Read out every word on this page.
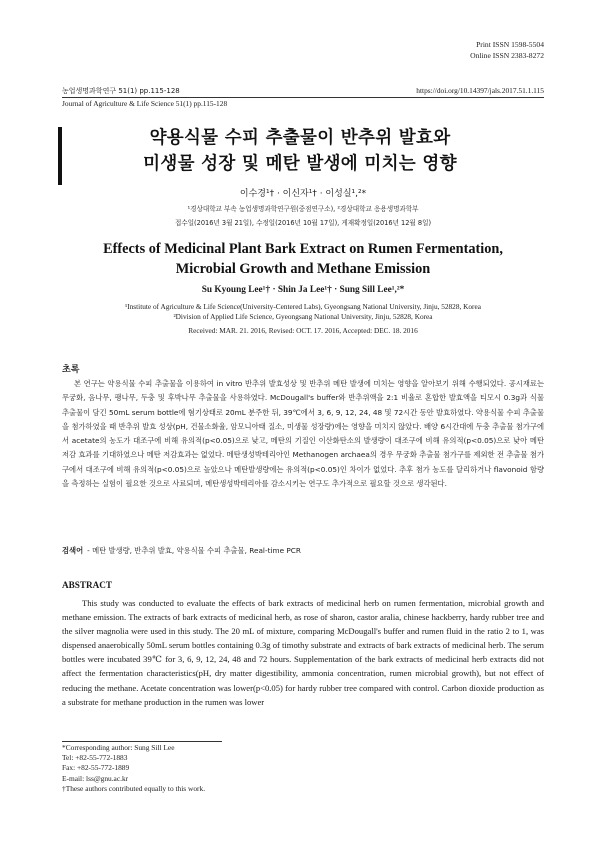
Print ISSN 1598-5504
Online ISSN 2383-8272
농업생명과학연구 51(1) pp.115-128	https://doi.org/10.14397/jals.2017.51.1.115
Journal of Agriculture & Life Science 51(1) pp.115-128
약용식물 수피 추출물이 반추위 발효와
미생물 성장 및 메탄 발생에 미치는 영향
이수경¹† · 이신자¹† · 이성실¹,²*
¹경상대학교 부속 농업생명과학연구원(중점연구소), ²경상대학교 응용생명과학부
접수일(2016년 3월 21일), 수정일(2016년 10월 17일), 게재확정일(2016년 12월 8일)
Effects of Medicinal Plant Bark Extract on Rumen Fermentation,
Microbial Growth and Methane Emission
Su Kyoung Lee¹† · Shin Ja Lee¹† · Sung Sill Lee¹,²*
¹Institute of Agriculture & Life Science(University-Centered Labs), Gyeongsang National University, Jinju, 52828, Korea
²Division of Applied Life Science, Gyeongsang National University, Jinju, 52828, Korea
Received: MAR. 21. 2016, Revised: OCT. 17. 2016, Accepted: DEC. 18. 2016
초록

본 연구는 약용식물 수피 추출물을 이용하여 in vitro 반추위 발효성상 및 반추위 메탄 발생에 미치는 영향을 알아보기 위해 수행되었다. 공시재료는 무궁화, 음나무, 팽나무, 두충 및 후박나무 추출물을 사용하였다. McDougall's buffer와 반추위액을 2:1 비율로 혼합한 발효액을 티모시 0.3g과 식물 추출물이 담긴 50mL serum bottle에 혐기상태로 20mL 분주한 뒤, 39℃에서 3, 6, 9, 12, 24, 48 및 72시간 동안 발효하였다. 약용식물 수피 추출물을 첨가하였을 때 반추위 발효 성상(pH, 건물소화율, 암모니아태 질소, 미생물 성장량)에는 영향을 미치지 않았다. 배양 6시간대에 두충 추출물 첨가구에서 acetate의 농도가 대조구에 비해 유의적(p<0.05)으로 낮고, 메탄의 기질인 이산화탄소의 발생량이 대조구에 비해 유의적(p<0.05)으로 낮아 메탄 저감 효과를 기대하였으나 메탄 저감효과는 없었다. 메탄생성박테리아인 Methanogen archaea의 경우 무궁화 추출물 첨가구를 제외한 전 추출물 첨가구에서 대조구에 비해 유의적(p<0.05)으로 높았으나 메탄발생량에는 유의적(p<0.05)인 차이가 없었다. 추후 첨가 농도를 달리하거나 flavonoid 함량을 측정하는 실험이 필요한 것으로 사료되며, 메탄생성박테리아를 감소시키는 연구도 추가적으로 필요할 것으로 생각된다.

검색어 - 메탄 발생량, 반추위 발효, 약용식물 수피 추출물, Real-time PCR
ABSTRACT

This study was conducted to evaluate the effects of bark extracts of medicinal herb on rumen fermentation, microbial growth and methane emission. The extracts of bark extracts of medicinal herb, as rose of sharon, castor aralia, chinese hackberry, hardy rubber tree and the silver magnolia were used in this study. The 20 mL of mixture, comparing McDougall's buffer and rumen fluid in the ratio 2 to 1, was dispensed anaerobically 50mL serum bottles containing 0.3g of timothy substrate and extracts of bark extracts of medicinal herb. The serum bottles were incubated 39℃ for 3, 6, 9, 12, 24, 48 and 72 hours. Supplementation of the bark extracts of medicinal herb extracts did not affect the fermentation characteristics(pH, dry matter digestibility, ammonia concentration, rumen microbial growth), but not effect of reducing the methane. Acetate concentration was lower(p<0.05) for hardy rubber tree compared with control. Carbon dioxide production as a substrate for methane production in the rumen was lower

*Corresponding author: Sung Sill Lee
Tel: +82-55-772-1883
Fax: +82-55-772-1889
E-mail: lss@gnu.ac.kr
†These authors contributed equally to this work.
